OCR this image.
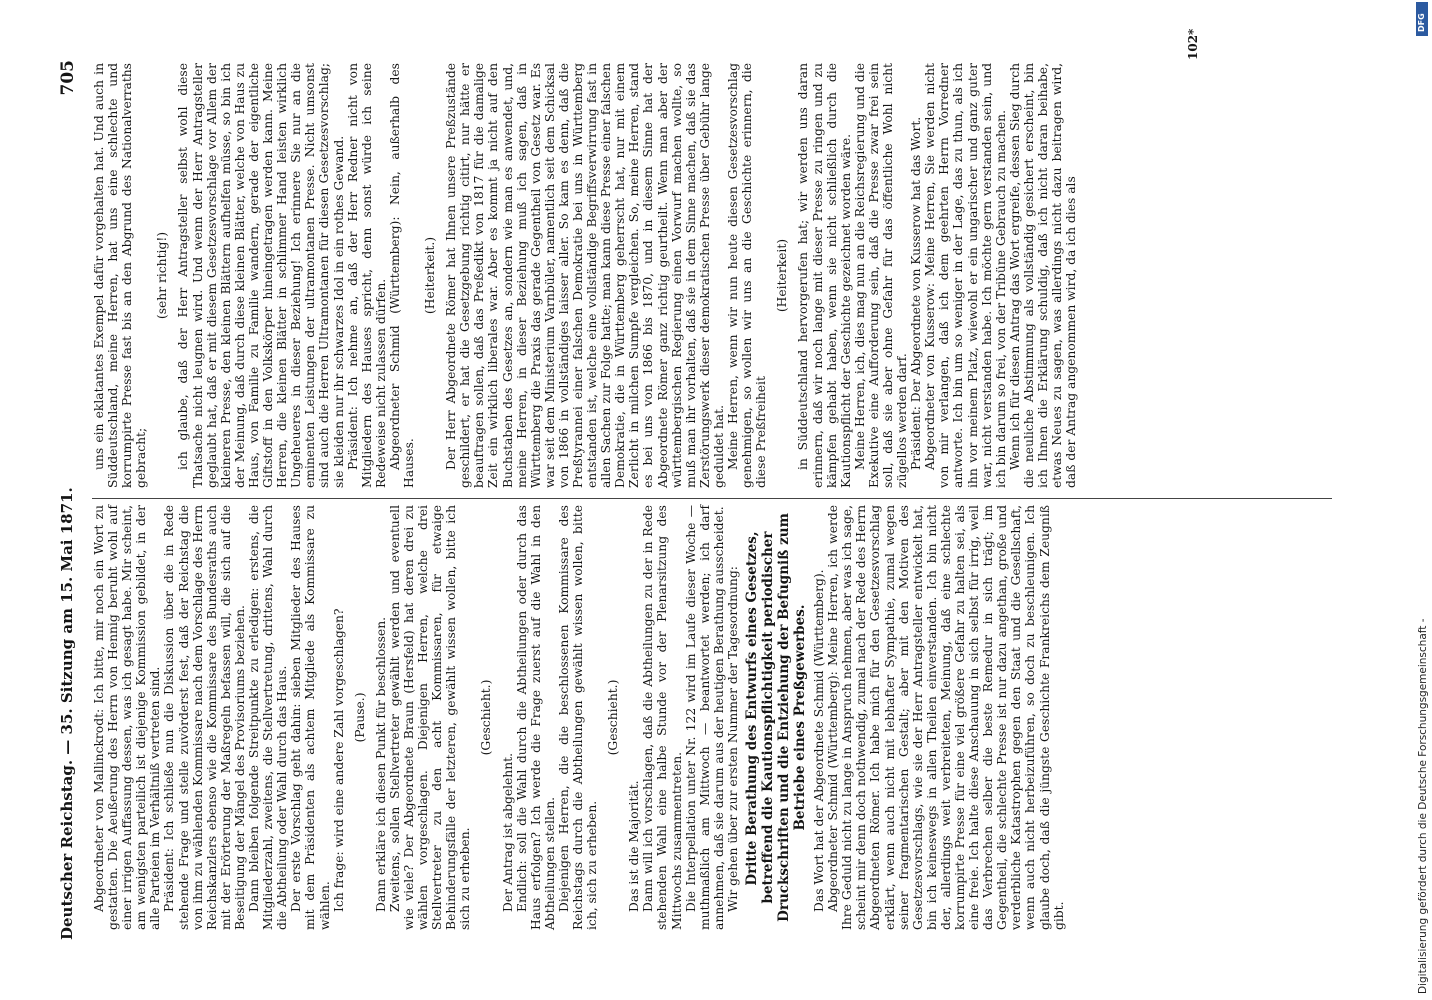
Deutscher Reichstag. — 35. Sitzung am 15. Mai 1871.
705

Abgeordneter von Mallinckrodt: Ich bitte, mir noch ein Wort zu gestatten. Die Aeußerung des Herrn von Hennig beruht wohl auf einer irrigen Auffassung dessen, was ich gesagt habe. Mir scheint, am wenigsten parteilich ist diejenige Kommission gebildet, in der alle Parteien im Verhältniß vertreten sind. Präsident: Ich schließe nun die Diskussion über die in Rede stehende Frage und stelle zuvörderst fest, daß der Reichstag die von ihm zu wählenden Kommissare nach dem Vorschlage des Herrn Reichskanzlers ebenso wie die Kommissare des Bundesraths auch mit der Erörterung der Maßregeln befassen will, die sich auf die Beseitigung der Mängel des Provisoriums beziehen. Dann bleiben folgende Streitpunkte zu erledigen: erstens, die Mitgliederzahl, zweitens, die Stellvertretung, drittens, Wahl durch die Abtheilung oder Wahl durch das Haus. Der erste Vorschlag geht dahin: sieben Mitglieder des Hauses mit dem Präsidenten als achtem Mitgliede als Kommissare zu wählen. Ich frage: wird eine andere Zahl vorgeschlagen? (Pause.) Dann erkläre ich diesen Punkt für beschlossen. Zweitens, sollen Stellvertreter gewählt werden und eventuell wie viele? Der Abgeordnete Braun (Hersfeld) hat deren drei zu wählen vorgeschlagen. Diejenigen Herren, welche drei Stellvertreter zu den acht Kommissaren, für etwaige Behinderungsfälle der letzteren, gewählt wissen wollen, bitte ich sich zu erheben.

(Geschieht.)

Der Antrag ist abgelehnt. Endlich: soll die Wahl durch die Abtheilungen oder durch das Haus erfolgen? Ich werde die Frage zuerst auf die Wahl in den Abtheilungen stellen. Diejenigen Herren, die die beschlossenen Kommissare des Reichstags durch die Abtheilungen gewählt wissen wollen, bitte ich, sich zu erheben.

(Geschieht.)

Das ist die Majorität. Dann will ich vorschlagen, daß die Abtheilungen zu der in Rede stehenden Wahl eine halbe Stunde vor der Plenarsitzung des Mittwochs zusammentreten. Die Interpellation unter Nr. 122 wird im Laufe dieser Woche — muthmaßlich am Mittwoch — beantwortet werden; ich darf annehmen, daß sie darum aus der heutigen Berathung ausscheidet. Wir gehen über zur ersten Nummer der Tagesordnung: Dritte Berathung des Entwurfs eines Gesetzes, betreffend die Kautionspflichtigkeit periodischer Druckschriften und die Entziehung der Befugniß zum Betriebe eines Preßgewerbes. Das Wort hat der Abgeordnete Schmid (Württemberg). Abgeordneter Schmid (Württemberg): Meine Herren, ich werde Ihre Geduld nicht zu lange in Anspruch nehmen, aber was ich sage, scheint mir denn doch nothwendig, zumal nach der Rede des Herrn Abgeordneten Römer. Ich habe mich für den Gesetzesvorschlag erklärt, wenn auch nicht mit lebhafter Sympathie, zumal wegen seiner fragmentarischen Gestalt; aber mit den Motiven des Gesetzesvorschlags, wie sie der Herr Antragsteller entwickelt hat, bin ich keineswegs in allen Theilen einverstanden. Ich bin nicht der, allerdings weit verbreiteten, Meinung, daß eine schlechte korrumpirte Presse für eine viel größere Gefahr zu halten sei, als eine freie. Ich halte diese Anschauung in sich selbst für irrig, weil das Verbrechen selber die beste Remedur in sich trägt; im Gegentheil, die schlechte Presse ist nur dazu angethan, große und verderbliche Katastrophen gegen den Staat und die Gesellschaft, wenn auch nicht herbeizuführen, so doch zu beschleunigen. Ich glaube doch, daß die jüngste Geschichte Frankreichs dem Zeugniß gibt.

uns ein eklatantes Exempel dafür vorgehalten hat. Und auch in Süddeutschland, meine Herren, hat uns eine schlechte und korrumpirte Presse fast bis an den Abgrund des Nationalverraths gebracht;

(sehr richtig!) ich glaube, daß der Herr Antragsteller selbst wohl diese Thatsache nicht leugnen wird. Und wenn der Herr Antragsteller geglaubt hat, daß er mit diesem Gesetzesvorschlage vor Allem der kleineren Presse, den kleinen Blättern aufhelfen müsse, so bin ich der Meinung, daß durch diese kleinen Blätter, welche von Haus zu Haus, von Familie zu Familie wandern, gerade der eigentliche Giftstoff in den Volkskörper hineingetragen werden kann. Meine Herren, die kleinen Blätter in schlimmer Hand leisten wirklich Ungeheueres in dieser Beziehung! Ich erinnere Sie nur an die eminenten Leistungen der ultramontanen Presse. Nicht umsonst sind auch die Herren Ultramontanen für diesen Gesetzesvorschlag; sie kleiden nur ihr schwarzes Idol in ein rothes Gewand. Präsident: Ich nehme an, daß der Herr Redner nicht von Mitgliedern des Hauses spricht, denn sonst würde ich seine Redeweise nicht zulassen dürfen. Abgeordneter Schmid (Württemberg): Nein, außerhalb des Hauses.

(Heiterkeit.) Der Herr Abgeordnete Römer hat Ihnen unsere Preßzustände geschildert, er hat die Gesetzgebung richtig citirt, nur hätte er beauftragen sollen, daß das Preßedikt von 1817 für die damalige Zeit ein wirklich liberales war. Aber es kommt ja nicht auf den Buchstaben des Gesetzes an, sondern wie man es anwendet, und, meine Herren, in dieser Beziehung muß ich sagen, daß in Württemberg die Praxis das gerade Gegentheil von Gesetz war. Es war seit dem Ministerium Varnbüler, namentlich seit dem Schicksal von 1866 in vollständiges laisser aller. So kam es denn, daß die Preßtyrannei einer falschen Demokratie bei uns in Württemberg entstanden ist, welche eine vollständige Begriffsverwirrung fast in allen Sachen zur Folge hatte; man kann diese Presse einer falschen Demokratie, die in Württemberg geherrscht hat, nur mit einem Zerlicht in milchen Sumpfe vergleichen. So, meine Herren, stand es bei uns von 1866 bis 1870, und in diesem Sinne hat der Abgeordnete Römer ganz richtig geurtheilt. Wenn man aber der württembergischen Regierung einen Vorwurf machen wollte, so muß man ihr vorhalten, daß sie in dem Sinne machen, daß sie das Zerstörungswerk dieser demokratischen Presse über Gebühr lange geduldet hat. Meine Herren, wenn wir nun heute diesen Gesetzesvorschlag genehmigen, so wollen wir uns an die Geschichte erinnern, die diese Preßfreiheit

(Heiterkeit) in Süddeutschland hervorgerufen hat; wir werden uns daran erinnern, daß wir noch lange mit dieser Presse zu ringen und zu kämpfen gehabt haben, wenn sie nicht schließlich durch die Kautionspflicht der Geschichte gezeichnet worden wäre. Meine Herren, ich, dies mag nun an die Reichsregierung und die Exekutive eine Aufforderung sein, daß die Presse zwar frei sein soll, daß sie aber ohne Gefahr für das öffentliche Wohl nicht zügellos werden darf. Präsident: Der Abgeordnete von Kusserow hat das Wort. Abgeordneter von Kusserow: Meine Herren, Sie werden nicht von mir verlangen, daß ich dem geehrten Herrn Vorredner antworte. Ich bin um so weniger in der Lage, das zu thun, als ich ihn vor meinem Platz, wiewohl er ein ungarischer und ganz guter war, nicht verstanden habe. Ich möchte gern verstanden sein, und ich bin darum so frei, von der Tribüne Gebrauch zu machen. Wenn ich für diesen Antrag das Wort ergreife, dessen Sieg durch die neuliche Abstimmung als vollständig gesichert erscheint, bin ich Ihnen die Erklärung schuldig, daß ich nicht daran beihabe, etwas Neues zu sagen, was allerdings nicht dazu beitragen wird, daß der Antrag angenommen wird, da ich dies als

102*
Digitalisierung gefördert durch die Deutsche Forschungsgemeinschaft -
DFG
